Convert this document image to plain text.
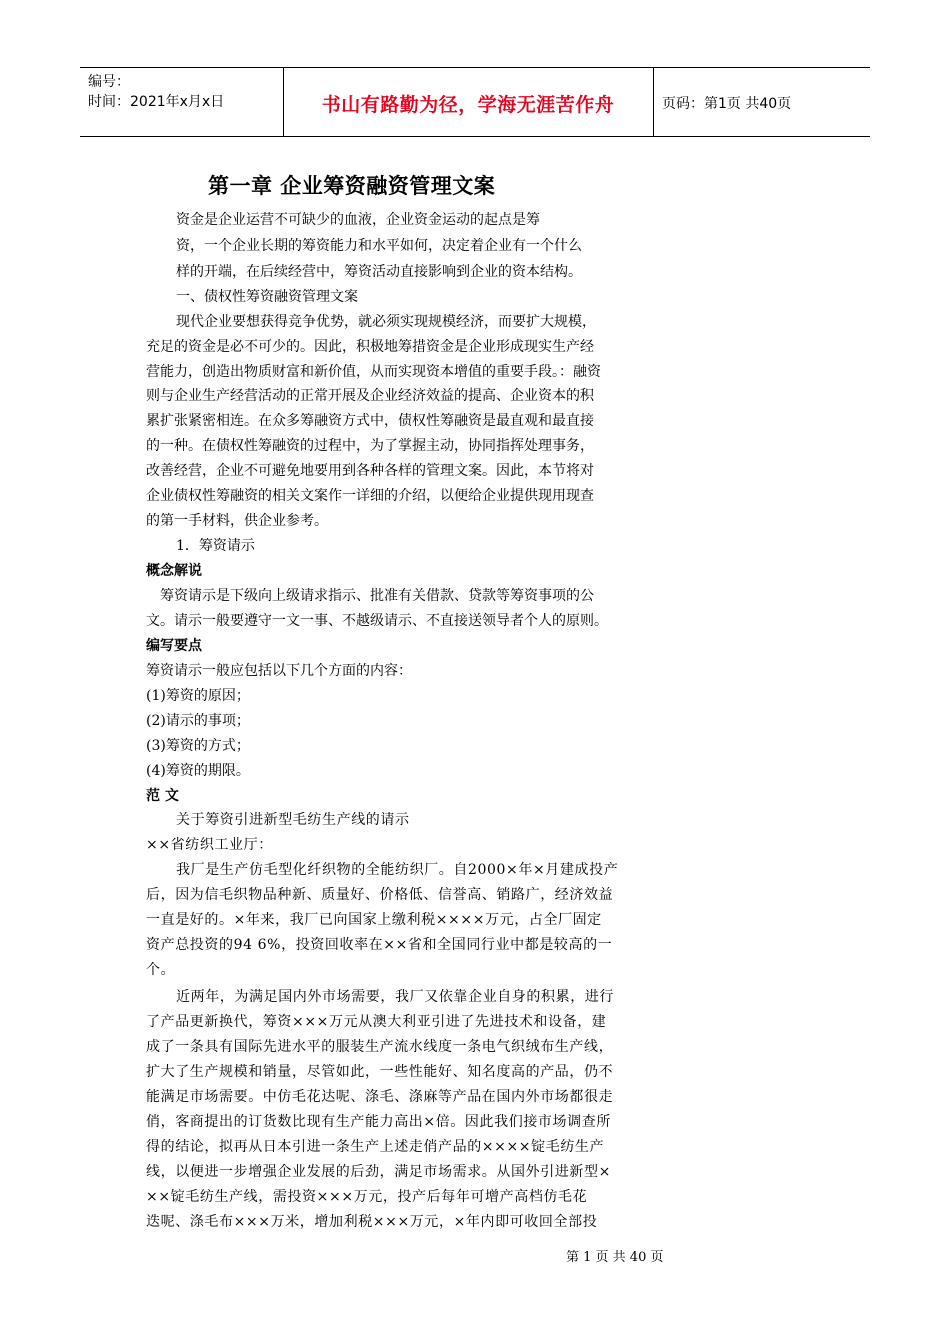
编号：
时间：2021年x月x日	书山有路勤为径，学海无涯苦作舟	页码：第1页 共40页
第一章 企业筹资融资管理文案
资金是企业运营不可缺少的血液，企业资金运动的起点是筹
资，一个企业长期的筹资能力和水平如何，决定着企业有一个什么
样的开端，在后续经营中，筹资活动直接影响到企业的资本结构。
一、债权性筹资融资管理文案
现代企业要想获得竞争优势，就必须实现规模经济，而要扩大规模，
充足的资金是必不可少的。因此，积极地筹措资金是企业形成现实生产经
营能力，创造出物质财富和新价值，从而实现资本增值的重要手段。：融资
则与企业生产经营活动的正常开展及企业经济效益的提高、企业资本的积
累扩张紧密相连。在众多筹融资方式中，债权性筹融资是最直观和最直接
的一种。在债权性筹融资的过程中，为了掌握主动，协同指挥处理事务，
改善经营，企业不可避免地要用到各种各样的管理文案。因此，本节将对
企业债权性筹融资的相关文案作一详细的介绍，以便给企业提供现用现查
的第一手材料，供企业参考。
1．筹资请示
概念解说
筹资请示是下级向上级请求指示、批准有关借款、贷款等筹资事项的公
文。请示一般要遵守一文一事、不越级请示、不直接送领导者个人的原则。
编写要点
筹资请示一般应包括以下几个方面的内容：
(1)筹资的原因；
(2)请示的事项；
(3)筹资的方式；
(4)筹资的期限。
范 文
关于筹资引进新型毛纺生产线的请示
××省纺织工业厅：
我厂是生产仿毛型化纤织物的全能纺织厂。自2000×年×月建成投产
后，因为信毛织物品种新、质量好、价格低、信誉高、销路广，经济效益
一直是好的。×年来，我厂已向国家上缴利税××××万元，占全厂固定
资产总投资的94 6%，投资回收率在××省和全国同行业中都是较高的一
个。
近两年，为满足国内外市场需要，我厂又依靠企业自身的积累，进行
了产品更新换代，筹资×××万元从澳大利亚引进了先进技术和设备，建
成了一条具有国际先进水平的服装生产流水线度一条电气织绒布生产线，
扩大了生产规模和销量，尽管如此，一些性能好、知名度高的产品，仍不
能满足市场需要。中仿毛花达呢、涤毛、涤麻等产品在国内外市场都很走
俏，客商提出的订货数比现有生产能力高出×倍。因此我们接市场调查所
得的结论，拟再从日本引进一条生产上述走俏产品的××××锭毛纺生产
线，以便进一步增强企业发展的后劲，满足市场需求。从国外引进新型×
××锭毛纺生产线，需投资×××万元，投产后每年可增产高档仿毛花
迭呢、涤毛布×××万米，增加利税×××万元，×年内即可收回全部投
第 1 页 共 40 页
